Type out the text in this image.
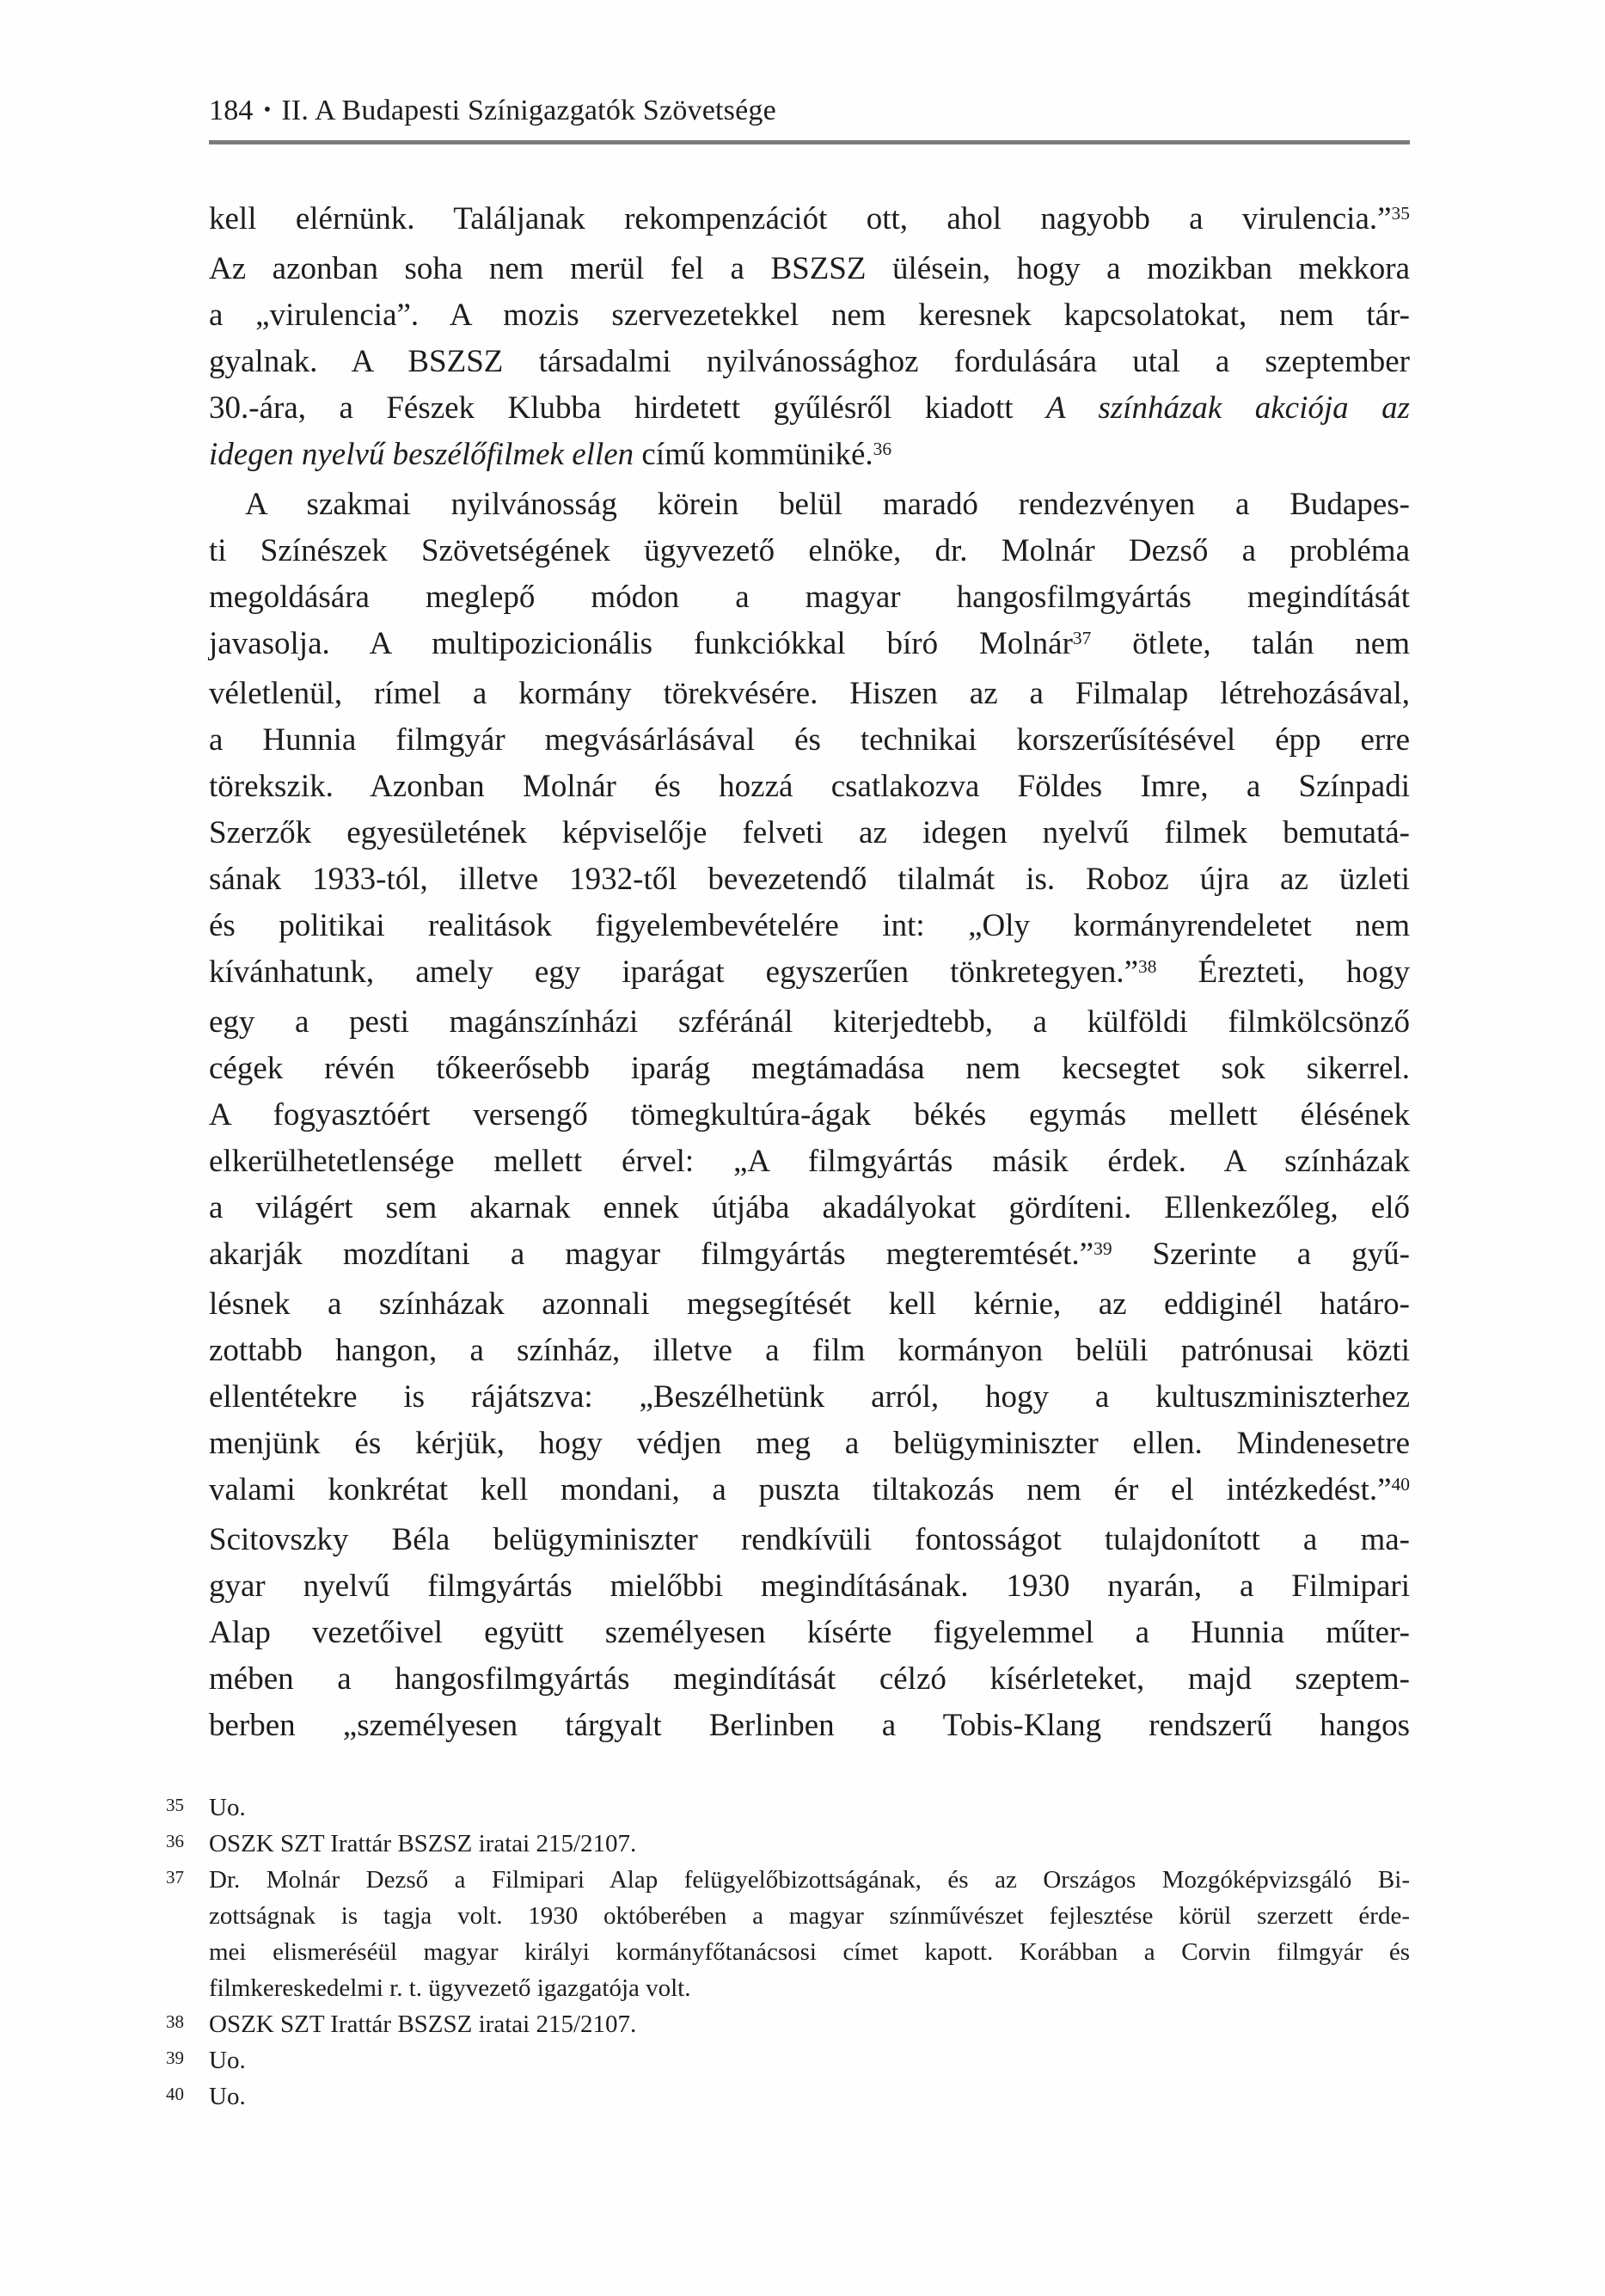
184 • II. A Budapesti Színigazgatók Szövetsége
kell elérnünk. Találjanak rekompenzációt ott, ahol nagyobb a virulencia.”$^{35}$
Az azonban soha nem merül fel a BSZSZ ülésein, hogy a mozikban mekkora
a „virulencia”. A mozis szervezetekkel nem keresnek kapcsolatokat, nem tár-
gyalnak. A BSZSZ társadalmi nyilvánossághoz fordulására utal a szeptember
30.-ára, a Fészek Klubba hirdetett gyűlésről kiadott A színházak akciója az
idegen nyelvű beszélőfilmek ellen című kommüniké.$^{36}$
A szakmai nyilvánosság körein belül maradó rendezvényen a Budapes-
ti Színészek Szövetségének ügyvezető elnöke, dr. Molnár Dezső a probléma
megoldására meglepő módon a magyar hangosfilmgyártás megindítását
javasolja. A multipozicionális funkciókkal bíró Molnár$^{37}$ ötlete, talán nem
véletlenül, rímel a kormány törekvésére. Hiszen az a Filmalap létrehozásával,
a Hunnia filmgyár megvásárlásával és technikai korszerűsítésével épp erre
törekszik. Azonban Molnár és hozzá csatlakozva Földes Imre, a Színpadi
Szerzők egyesületének képviselője felveti az idegen nyelvű filmek bemutatá-
sának 1933-tól, illetve 1932-től bevezetendő tilalmát is. Roboz újra az üzleti
és politikai realitások figyelembevételére int: „Oly kormányrendeletet nem
kívánhatunk, amely egy iparágat egyszerűen tönkretegyen.”$^{38}$ Érezteti, hogy
egy a pesti magánszínházi szféránál kiterjedtebb, a külföldi filmkölcsönző
cégek révén tőkeerősebb iparág megtámadása nem kecsegtet sok sikerrel.
A fogyasztóért versengő tömegkultúra-ágak békés egymás mellett élésének
elkerülhetetlensége mellett érvel: „A filmgyártás másik érdek. A színházak
a világért sem akarnak ennek útjába akadályokat gördíteni. Ellenkezőleg, elő
akarják mozdítani a magyar filmgyártás megteremtését.”$^{39}$ Szerinte a gyű-
lésnek a színházak azonnali megsegítését kell kérnie, az eddiginél határo-
zottabb hangon, a színház, illetve a film kormányon belüli patrónusai közti
ellentétekre is rájátszva: „Beszélhetünk arról, hogy a kultuszminiszterhez
menjünk és kérjük, hogy védjen meg a belügyminiszter ellen. Mindenesetre
valami konkrétat kell mondani, a puszta tiltakozás nem ér el intézkedést.”$^{40}$
Scitovszky Béla belügyminiszter rendkívüli fontosságot tulajdonított a ma-
gyar nyelvű filmgyártás mielőbbi megindításának. 1930 nyarán, a Filmipari
Alap vezetőivel együtt személyesen kísérte figyelemmel a Hunnia műter-
mében a hangosfilmgyártás megindítását célzó kísérleteket, majd szeptem-
berben „személyesen tárgyalt Berlinben a Tobis-Klang rendszerű hangos
35 Uo.
36 OSZK SZT Irattár BSZSZ iratai 215/2107.
37 Dr. Molnár Dezső a Filmipari Alap felügyelőbizottságának, és az Országos Mozgóképvizsgáló Bi-
zottságnak is tagja volt. 1930 októberében a magyar színművészet fejlesztése körül szerzett érde-
mei elismeréséül magyar királyi kormányfőtanácsosi címet kapott. Korábban a Corvin filmgyár és
filmkereskedelmi r. t. ügyvezető igazgatója volt.
38 OSZK SZT Irattár BSZSZ iratai 215/2107.
39 Uo.
40 Uo.
